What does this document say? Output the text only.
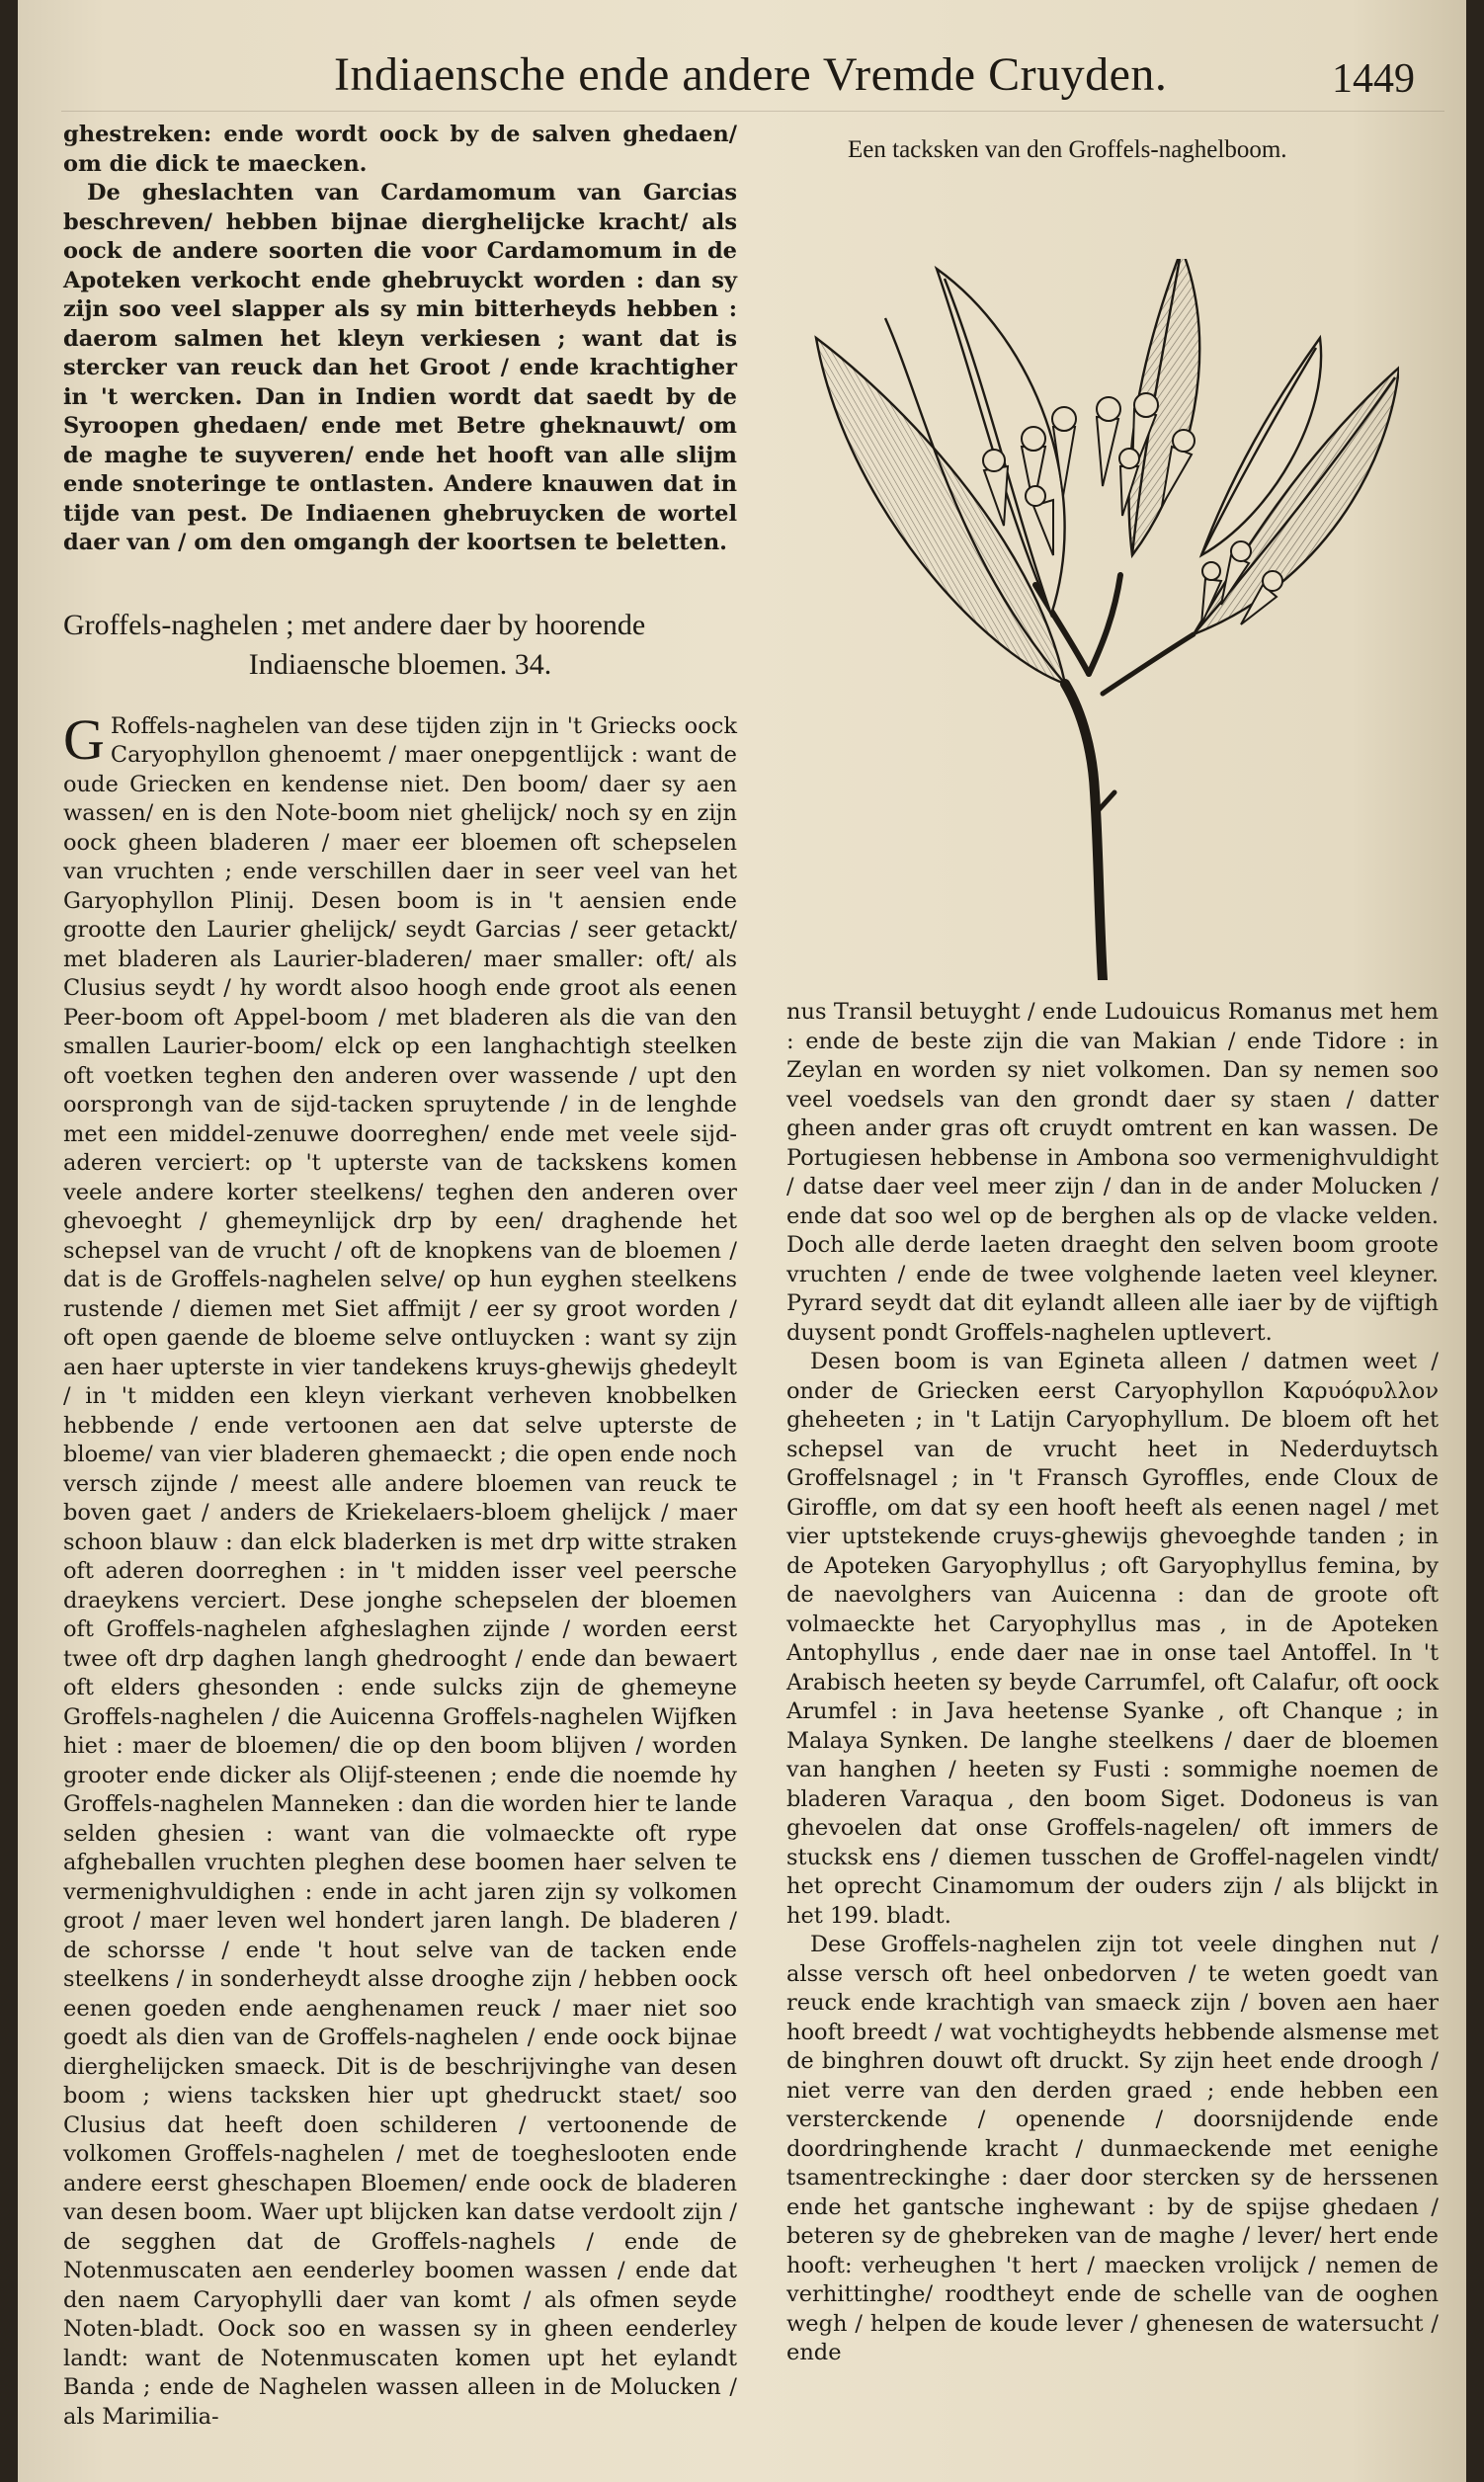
Indiaensche ende andere Vremde Cruyden.	1449

ghestreken: ende wordt oock by de salven ghedaen/ om die dick te maecken.

De gheslachten van Cardamomum van Garcias beschreven/ hebben bijnae dierghelijcke kracht/ als oock de andere soorten die voor Cardamomum in de Apoteken verkocht ende ghebruyckt worden : dan sy zijn soo veel slapper als sy min bitterheyds hebben : daerom salmen het kleyn verkiesen ; want dat is stercker van reuck dan het Groot / ende krachtigher in 't wercken. Dan in Indien wordt dat saedt by de Syroopen ghedaen/ ende met Betre gheknauwt/ om de maghe te suyveren/ ende het hooft van alle slijm ende snoteringe te ontlasten. Andere knauwen dat in tijde van pest. De Indiaenen ghebruycken de wortel daer van / om den omgangh der koortsen te beletten.

Groffels-naghelen ; met andere daer by hoorende
Indiaensche bloemen. 34.

G Roffels-naghelen van dese tijden zijn in 't Griecks oock Caryophyllon ghenoemt / maer onepgentlijck : want de oude Griecken en kendense niet. Den boom/ daer sy aen wassen/ en is den Note-boom niet ghelijck/ noch sy en zijn oock gheen bladeren / maer eer bloemen oft schepselen van vruchten ; ende verschillen daer in seer veel van het Garyophyllon Plinij. Desen boom is in 't aensien ende grootte den Laurier ghelijck/ seydt Garcias / seer getackt/ met bladeren als Laurier-bladeren/ maer smaller: oft/ als Clusius seydt / hy wordt alsoo hoogh ende groot als eenen Peer-boom oft Appel-boom / met bladeren als die van den smallen Laurier-boom/ elck op een langhachtigh steelken oft voetken teghen den anderen over wassende / upt den oorsprongh van de sijd-tacken spruytende / in de lenghde met een middel-zenuwe doorreghen/ ende met veele sijd-aderen verciert: op 't upterste van de tackskens komen veele andere korter steelkens/ teghen den anderen over ghevoeght / ghemeynlijck drp by een/ draghende het schepsel van de vrucht / oft de knopkens van de bloemen / dat is de Groffels-naghelen selve/ op hun eyghen steelkens rustende / diemen met Siet affmijt / eer sy groot worden / oft open gaende de bloeme selve ontluycken : want sy zijn aen haer upterste in vier tandekens kruys-ghewijs ghedeylt / in 't midden een kleyn vierkant verheven knobbelken hebbende / ende vertoonen aen dat selve upterste de bloeme/ van vier bladeren ghemaeckt ; die open ende noch versch zijnde / meest alle andere bloemen van reuck te boven gaet / anders de Kriekelaers-bloem ghelijck / maer schoon blauw : dan elck bladerken is met drp witte straken oft aderen doorreghen : in 't midden isser veel peersche draeykens verciert. Dese jonghe schepselen der bloemen oft Groffels-naghelen afgheslaghen zijnde / worden eerst twee oft drp daghen langh ghedrooght / ende dan bewaert oft elders ghesonden : ende sulcks zijn de ghemeyne Groffels-naghelen / die Auicenna Groffels-naghelen Wijfken hiet : maer de bloemen/ die op den boom blijven / worden grooter ende dicker als Olijf-steenen ; ende die noemde hy Groffels-naghelen Manneken : dan die worden hier te lande selden ghesien : want van die volmaeckte oft rype afgheballen vruchten pleghen dese boomen haer selven te vermenighvuldighen : ende in acht jaren zijn sy volkomen groot / maer leven wel hondert jaren langh. De bladeren / de schorsse / ende 't hout selve van de tacken ende steelkens / in sonderheydt alsse drooghe zijn / hebben oock eenen goeden ende aenghenamen reuck / maer niet soo goedt als dien van de Groffels-naghelen / ende oock bijnae dierghelijcken smaeck. Dit is de beschrijvinghe van desen boom ; wiens tacksken hier upt ghedruckt staet/ soo Clusius dat heeft doen schilderen / vertoonende de volkomen Groffels-naghelen / met de toegheslooten ende andere eerst gheschapen Bloemen/ ende oock de bladeren van desen boom. Waer upt blijcken kan datse verdoolt zijn / de segghen dat de Groffels-naghels / ende de Notenmuscaten aen eenderley boomen wassen / ende dat den naem Caryophylli daer van komt / als ofmen seyde Noten-bladt. Oock soo en wassen sy in gheen eenderley landt: want de Notenmuscaten komen upt het eylandt Banda ; ende de Naghelen wassen alleen in de Molucken / als Marimilia-

Een tacksken van den Groffels-naghelboom.

nus Transil betuyght / ende Ludouicus Romanus met hem : ende de beste zijn die van Makian / ende Tidore : in Zeylan en worden sy niet volkomen. Dan sy nemen soo veel voedsels van den grondt daer sy staen / datter gheen ander gras oft cruydt omtrent en kan wassen. De Portugiesen hebbense in Ambona soo vermenighvuldight / datse daer veel meer zijn / dan in de ander Molucken / ende dat soo wel op de berghen als op de vlacke velden. Doch alle derde laeten draeght den selven boom groote vruchten / ende de twee volghende laeten veel kleyner. Pyrard seydt dat dit eylandt alleen alle iaer by de vijftigh duysent pondt Groffels-naghelen uptlevert.

Desen boom is van Egineta alleen / datmen weet / onder de Griecken eerst Caryophyllon Καρυόφυλλον gheheeten ; in 't Latijn Caryophyllum. De bloem oft het schepsel van de vrucht heet in Nederduytsch Groffelsnagel ; in 't Fransch Gyroffles, ende Cloux de Giroffle, om dat sy een hooft heeft als eenen nagel / met vier uptstekende cruys-ghewijs ghevoeghde tanden ; in de Apoteken Garyophyllus ; oft Garyophyllus femina, by de naevolghers van Auicenna : dan de groote oft volmaeckte het Caryophyllus mas , in de Apoteken Antophyllus , ende daer nae in onse tael Antoffel. In 't Arabisch heeten sy beyde Carrumfel, oft Calafur, oft oock Arumfel : in Java heetense Syanke , oft Chanque ; in Malaya Synken. De langhe steelkens / daer de bloemen van hanghen / heeten sy Fusti : sommighe noemen de bladeren Varaqua , den boom Siget. Dodoneus is van ghevoelen dat onse Groffels-nagelen/ oft immers de stucksk ens / diemen tusschen de Groffel-nagelen vindt/ het oprecht Cinamomum der ouders zijn / als blijckt in het 199. bladt.

Dese Groffels-naghelen zijn tot veele dinghen nut / alsse versch oft heel onbedorven / te weten goedt van reuck ende krachtigh van smaeck zijn / boven aen haer hooft breedt / wat vochtigheydts hebbende alsmense met de binghren douwt oft druckt. Sy zijn heet ende droogh / niet verre van den derden graed ; ende hebben een versterckende / openende / doorsnijdende ende doordringhende kracht / dunmaeckende met eenighe tsamentreckinghe : daer door stercken sy de herssenen ende het gantsche inghewant : by de spijse ghedaen / beteren sy de ghebreken van de maghe / lever/ hert ende hooft: verheughen 't hert / maecken vrolijck / nemen de verhittinghe/ roodtheyt ende de schelle van de ooghen wegh / helpen de koude lever / ghenesen de watersucht / ende
